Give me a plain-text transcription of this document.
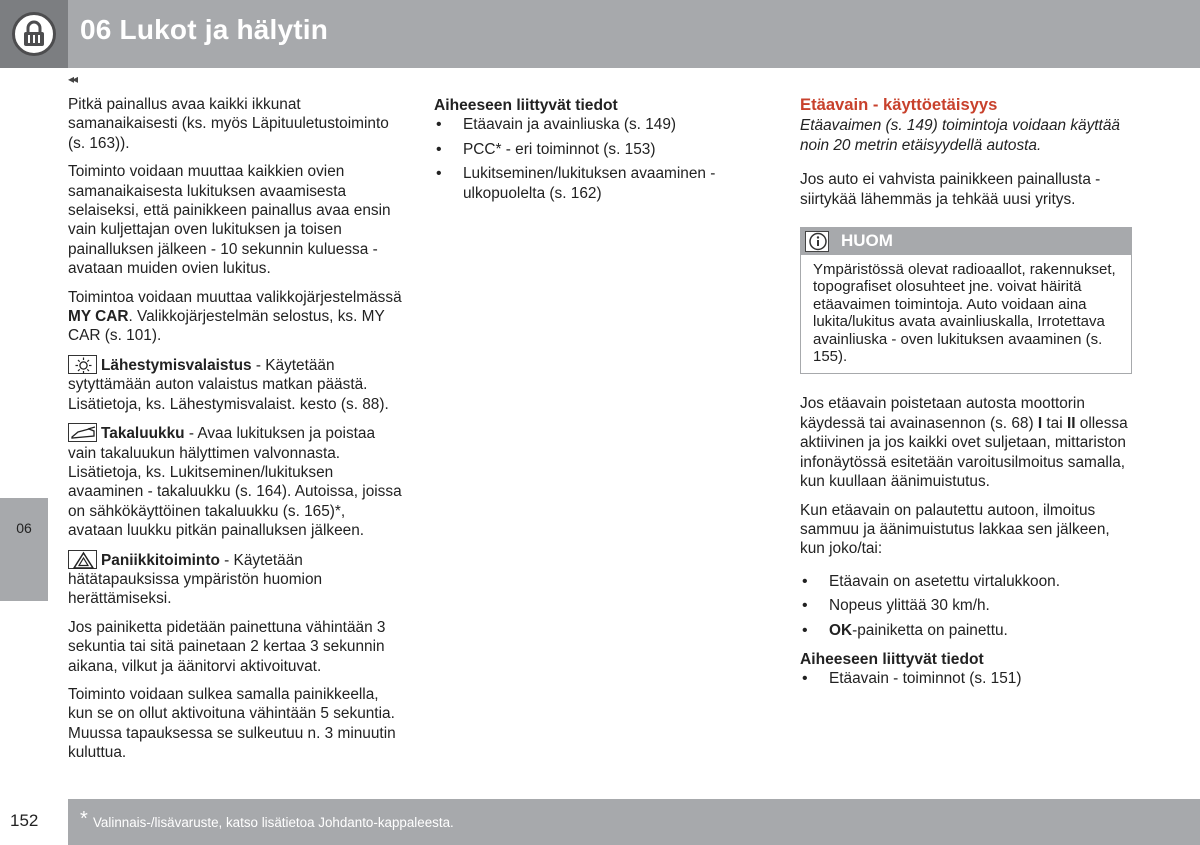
06 Lukot ja hälytin
06
◂◂
Pitkä painallus avaa kaikki ikkunat samanaikaisesti (ks. myös Läpituuletustoiminto (s. 163)).
Toiminto voidaan muuttaa kaikkien ovien samanaikaisesta lukituksen avaamisesta selaiseksi, että painikkeen painallus avaa ensin vain kuljettajan oven lukituksen ja toisen painalluksen jälkeen - 10 sekunnin kuluessa - avataan muiden ovien lukitus.
Toimintoa voidaan muuttaa valikkojärjestelmässä MY CAR. Valikkojärjestelmän selostus, ks. MY CAR (s. 101).
Lähestymisvalaistus - Käytetään sytyttämään auton valaistus matkan päästä. Lisätietoja, ks. Lähestymisvalaist. kesto (s. 88).
Takaluukku - Avaa lukituksen ja poistaa vain takaluukun hälyttimen valvonnasta. Lisätietoja, ks. Lukitseminen/lukituksen avaaminen - takaluukku (s. 164). Autoissa, joissa on sähkökäyttöinen takaluukku (s. 165)*, avataan luukku pitkän painalluksen jälkeen.
Paniikkitoiminto - Käytetään hätätapauksissa ympäristön huomion herättämiseksi.
Jos painiketta pidetään painettuna vähintään 3 sekuntia tai sitä painetaan 2 kertaa 3 sekunnin aikana, vilkut ja äänitorvi aktivoituvat.
Toiminto voidaan sulkea samalla painikkeella, kun se on ollut aktivoituna vähintään 5 sekuntia. Muussa tapauksessa se sulkeutuu n. 3 minuutin kuluttua.
Aiheeseen liittyvät tiedot
• Etäavain ja avainliuska (s. 149)
• PCC* - eri toiminnot (s. 153)
• Lukitseminen/lukituksen avaaminen - ulkopuolelta (s. 162)
Etäavain - käyttöetäisyys
Etäavaimen (s. 149) toimintoja voidaan käyttää noin 20 metrin etäisyydellä autosta.
Jos auto ei vahvista painikkeen painallusta - siirtykää lähemmäs ja tehkää uusi yritys.
HUOM
Ympäristössä olevat radioaallot, rakennukset, topografiset olosuhteet jne. voivat häiritä etäavaimen toimintoja. Auto voidaan aina lukita/lukitus avata avainliuskalla, Irrotettava avainliuska - oven lukituksen avaaminen (s. 155).
Jos etäavain poistetaan autosta moottorin käydessä tai avainasennon (s. 68) I tai II ollessa aktiivinen ja jos kaikki ovet suljetaan, mittariston infonäytössä esitetään varoitusilmoitus samalla, kun kuullaan äänimuistutus.
Kun etäavain on palautettu autoon, ilmoitus sammuu ja äänimuistutus lakkaa sen jälkeen, kun joko/tai:
• Etäavain on asetettu virtalukkoon.
• Nopeus ylittää 30 km/h.
• OK-painiketta on painettu.
Aiheeseen liittyvät tiedot
• Etäavain - toiminnot (s. 151)
152 * Valinnais-/lisävaruste, katso lisätietoa Johdanto-kappaleesta.
